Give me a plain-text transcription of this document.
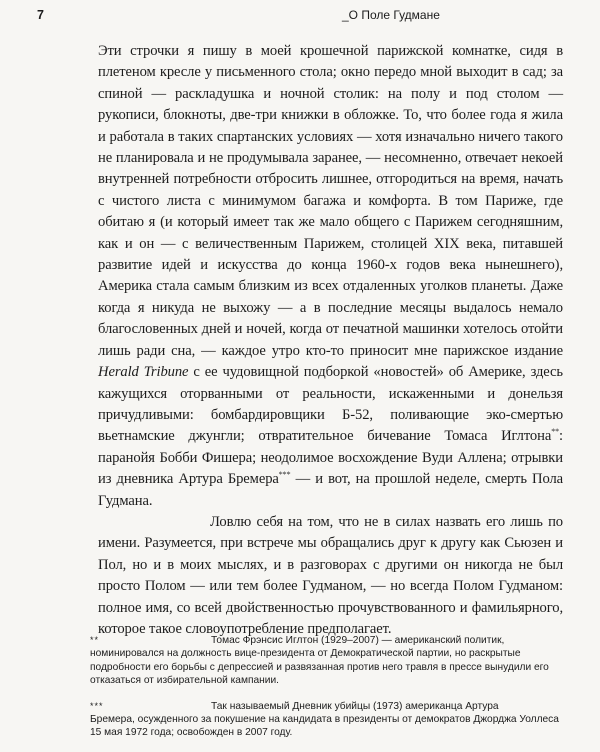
7	_О Поле Гудмане

Эти строчки я пишу в моей крошечной парижской комнатке, сидя в плетеном кресле у письменного стола; окно передо мной выходит в сад; за спиной — раскладушка и ночной столик: на полу и под столом — рукописи, блокноты, две-три книжки в обложке. То, что более года я жила и работала в таких спартанских условиях — хотя изначально ничего такого не планировала и не продумывала заранее, — несомненно, отвечает некоей внутренней потребности отбросить лишнее, отгородиться на время, начать с чистого листа с минимумом багажа и комфорта. В том Париже, где обитаю я (и который имеет так же мало общего с Парижем сегодняшним, как и он — с величественным Парижем, столицей XIX века, питавшей развитие идей и искусства до конца 1960-х годов века нынешнего), Америка стала самым близким из всех отдаленных уголков планеты. Даже когда я никуда не выхожу — а в последние месяцы выдалось немало благословенных дней и ночей, когда от печатной машинки хотелось отойти лишь ради сна, — каждое утро кто-то приносит мне парижское издание Herald Tribune с ее чудовищной подборкой «новостей» об Америке, здесь кажущихся оторванными от реальности, искаженными и донельзя причудливыми: бомбардировщики Б-52, поливающие эко-смертью вьетнамские джунгли; отвратительное бичевание Томаса Иглтона**: паранойя Бобби Фишера; неодолимое восхождение Вуди Аллена; отрывки из дневника Артура Бремера*** — и вот, на прошлой неделе, смерть Пола Гудмана.

Ловлю себя на том, что не в силах назвать его лишь по имени. Разумеется, при встрече мы обращались друг к другу как Сьюзен и Пол, но и в моих мыслях, и в разговорах с другими он никогда не был просто Полом — или тем более Гудманом, — но всегда Полом Гудманом: полное имя, со всей двойственностью прочувствованного и фамильярного, которое такое словоупотребление предполагает.

**	Томас Фрэнсис Иглтон (1929–2007) — американский политик,
номинировался на должность вице-президента от Демократической партии, но раскрытые подробности его борьбы с депрессией и развязанная против него травля в прессе вынудили его отказаться от избирательной кампании.
***	Так называемый Дневник убийцы (1973) американца Артура
Бремера, осужденного за покушение на кандидата в президенты от демократов Джорджа Уоллеса 15 мая 1972 года; освобожден в 2007 году.
